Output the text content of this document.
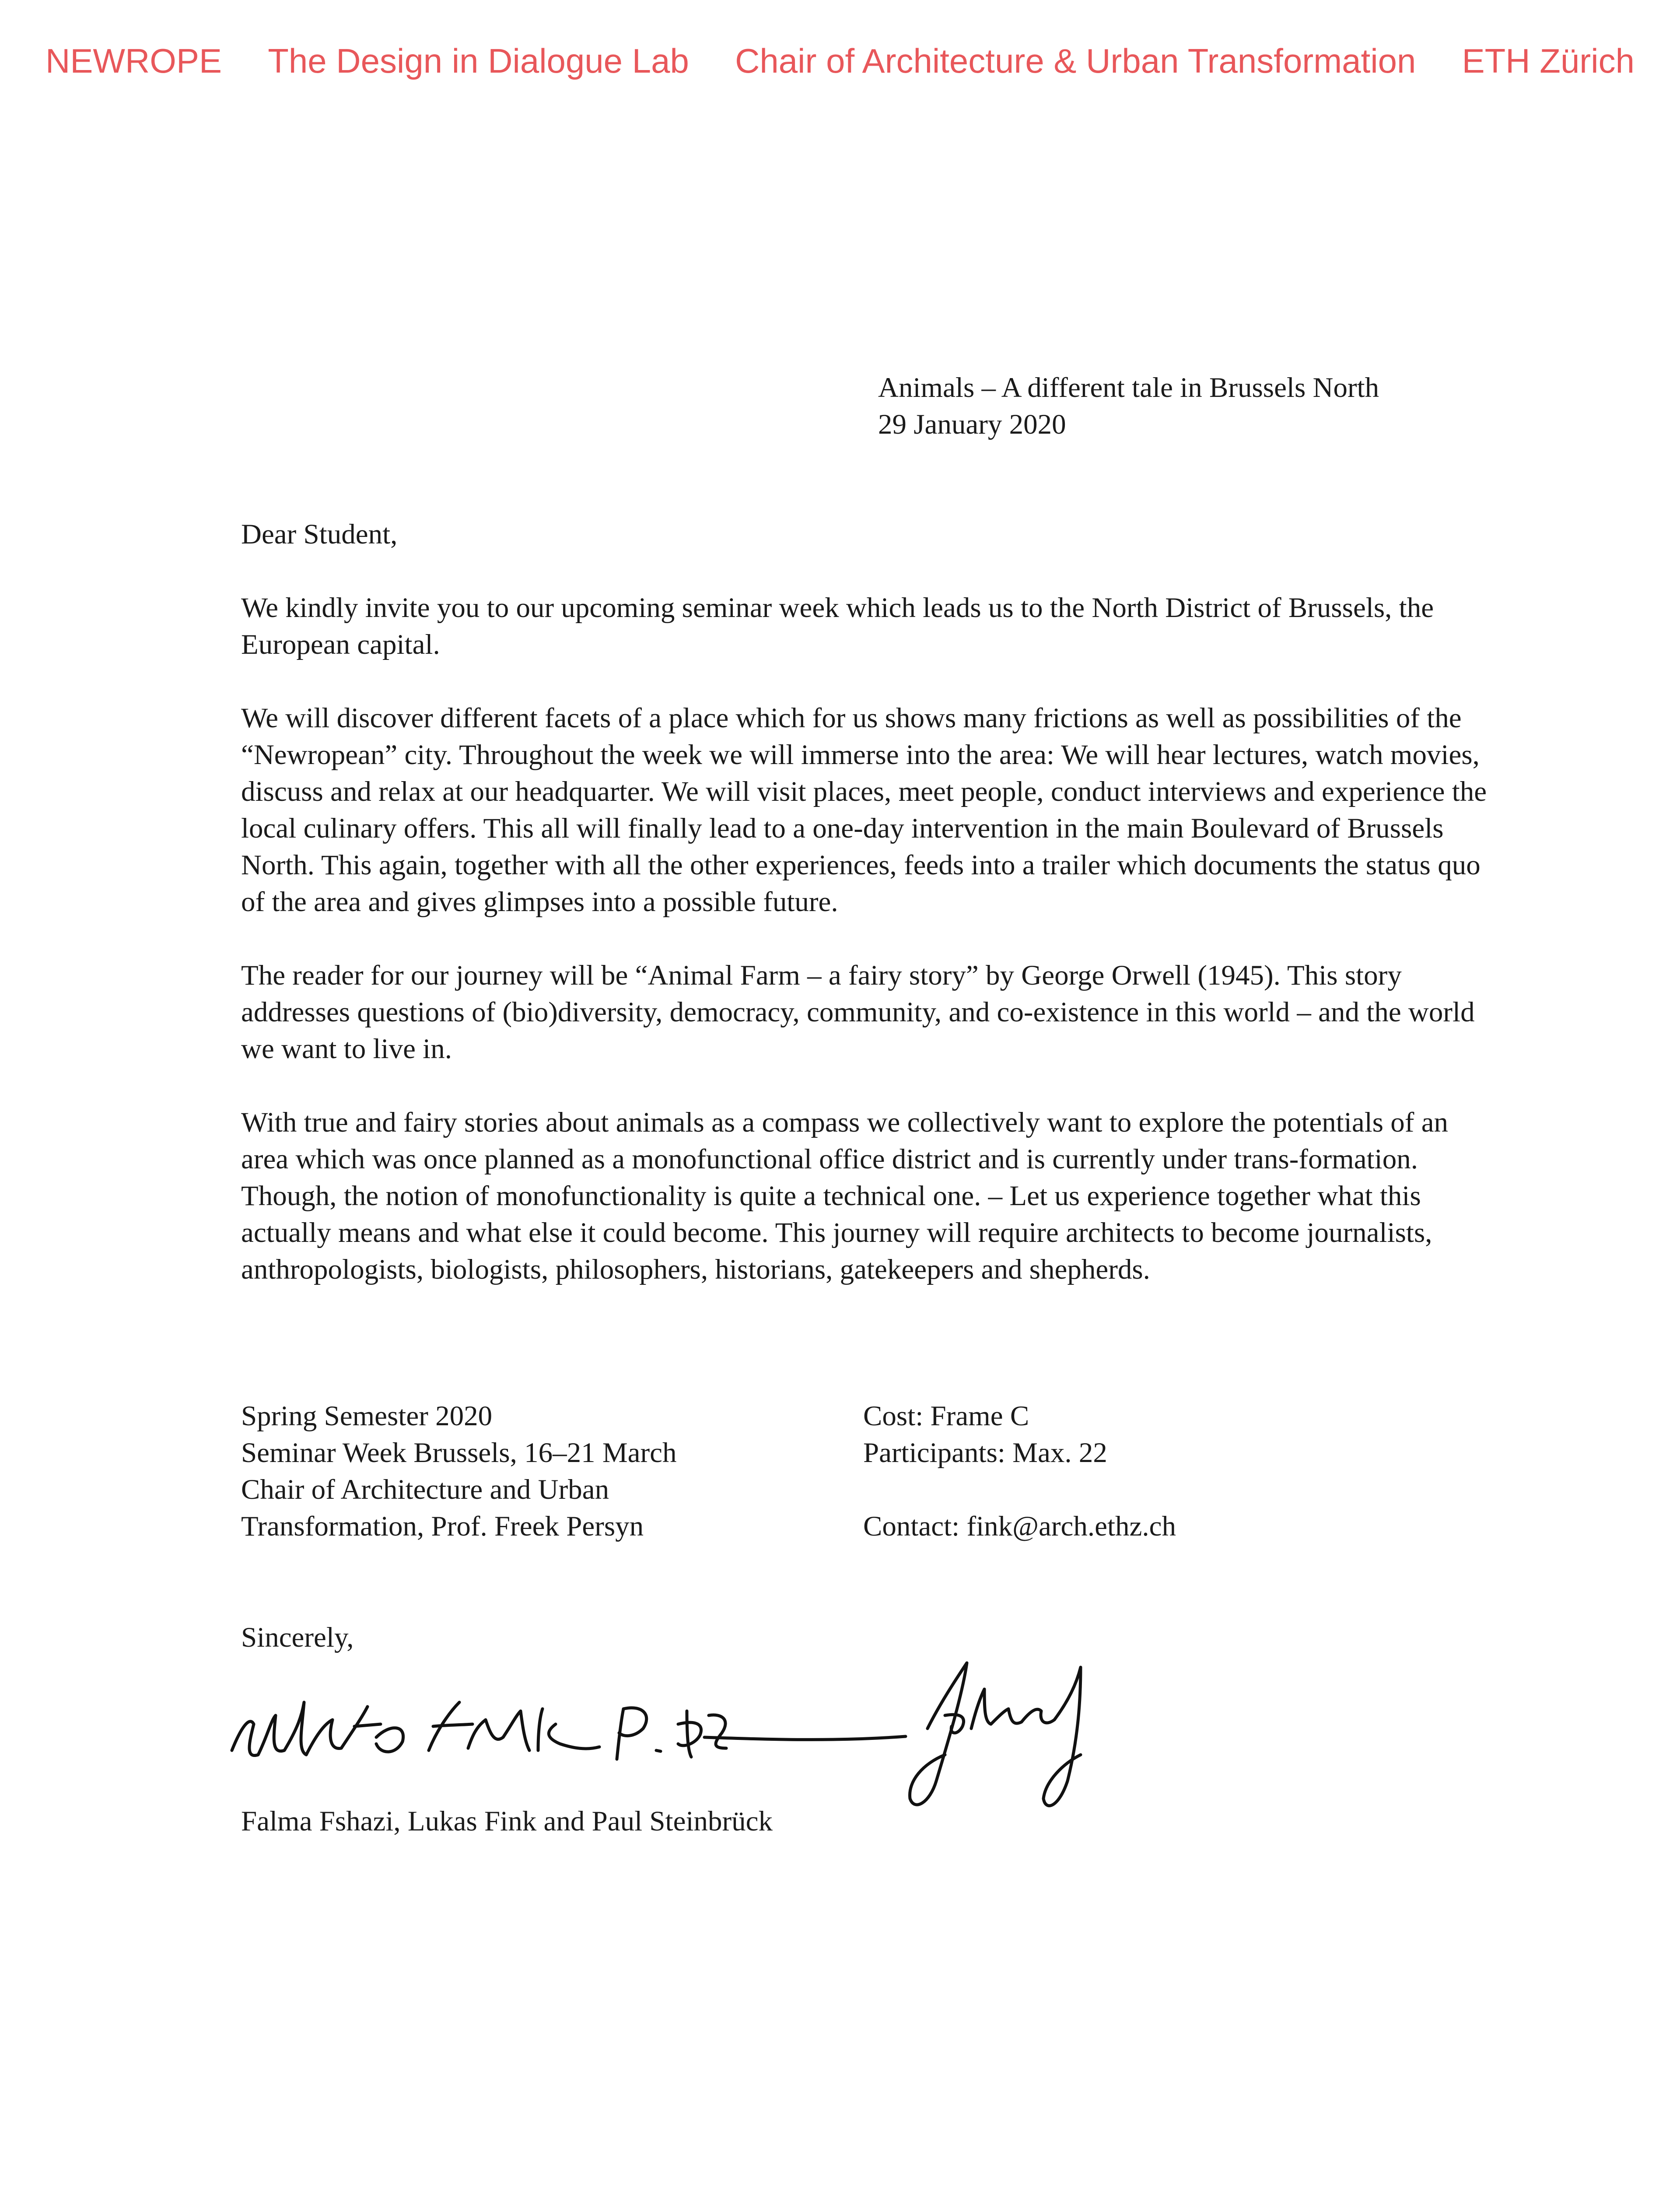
NEWROPE The Design in Dialogue Lab Chair of Architecture & Urban Transformation ETH Zürich
Animals – A different tale in Brussels North
29 January 2020

Dear Student,

We kindly invite you to our upcoming seminar week which leads us to the North District of Brussels, the European capital.

We will discover different facets of a place which for us shows many frictions as well as possibilities of the “Newropean” city. Throughout the week we will immerse into the area: We will hear lectures, watch movies, discuss and relax at our headquarter. We will visit places, meet people, conduct interviews and experience the local culinary offers. This all will finally lead to a one-day intervention in the main Boulevard of Brussels North. This again, together with all the other experiences, feeds into a trailer which documents the status quo of the area and gives glimpses into a possible future.

The reader for our journey will be “Animal Farm – a fairy story” by George Orwell (1945). This story addresses questions of (bio)diversity, democracy, community, and co-existence in this world – and the world we want to live in.

With true and fairy stories about animals as a compass we collectively want to explore the potentials of an area which was once planned as a monofunctional office district and is currently under trans-formation. Though, the notion of monofunctionality is quite a technical one. – Let us experience together what this actually means and what else it could become. This journey will require architects to become journalists, anthropologists, biologists, philosophers, historians, gatekeepers and shepherds.

Spring Semester 2020
Seminar Week Brussels, 16–21 March
Chair of Architecture and Urban
Transformation, Prof. Freek Persyn
Cost: Frame C
Participants: Max. 22
Contact: fink@arch.ethz.ch
Sincerely,
Falma Fshazi, Lukas Fink and Paul Steinbrück
